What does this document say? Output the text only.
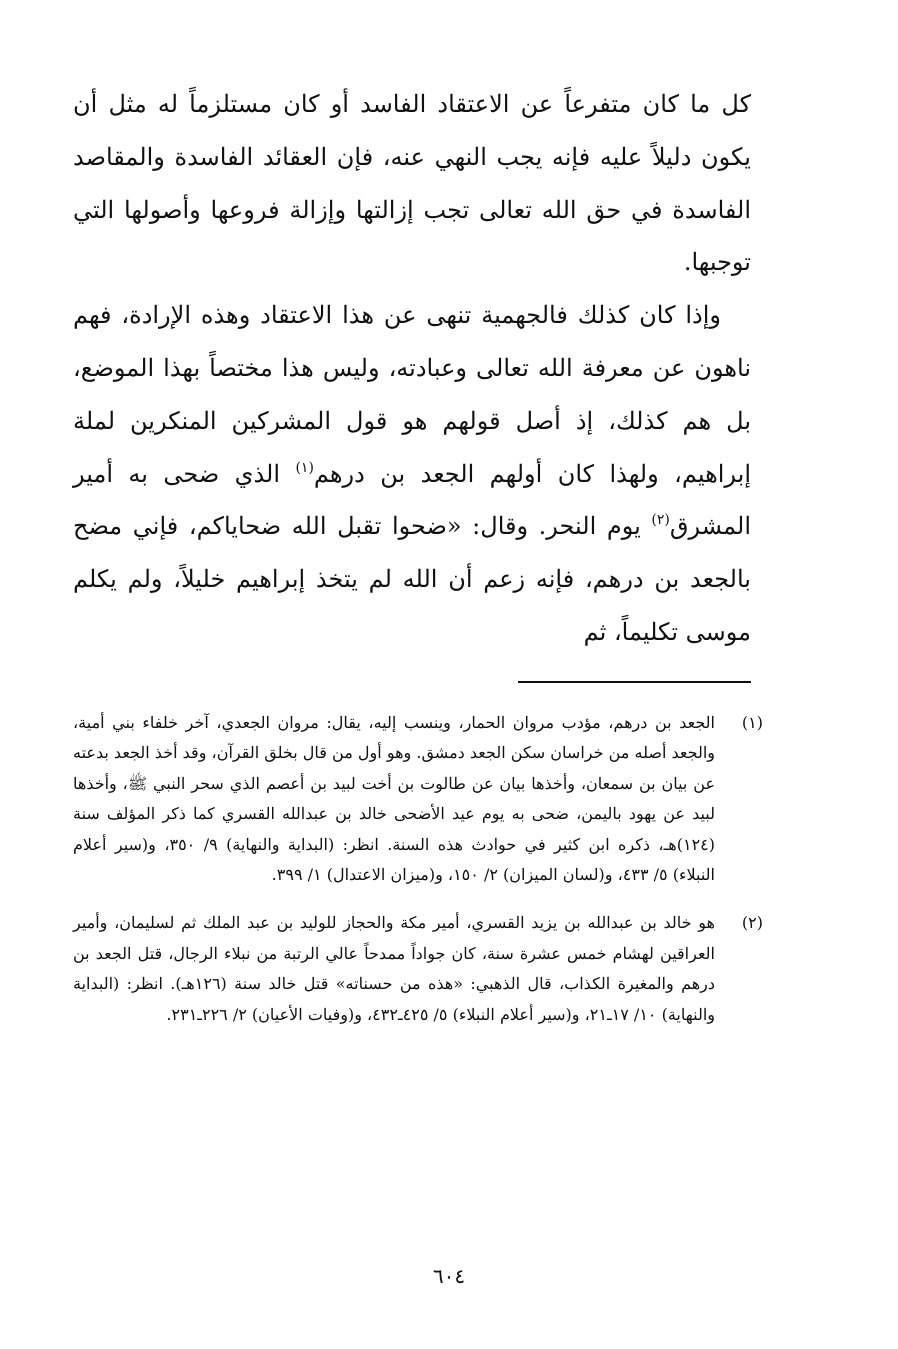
كل ما كان متفرعاً عن الاعتقاد الفاسد أو كان مستلزماً له مثل أن يكون دليلاً عليه فإنه يجب النهي عنه، فإن العقائد الفاسدة والمقاصد الفاسدة في حق الله تعالى تجب إزالتها وإزالة فروعها وأصولها التي توجبها.

وإذا كان كذلك فالجهمية تنهى عن هذا الاعتقاد وهذه الإرادة، فهم ناهون عن معرفة الله تعالى وعبادته، وليس هذا مختصاً بهذا الموضع، بل هم كذلك، إذ أصل قولهم هو قول المشركين المنكرين لملة إبراهيم، ولهذا كان أولهم الجعد بن درهم$^{(١)}$ الذي ضحى به أمير المشرق$^{(٢)}$ يوم النحر. وقال: «ضحوا تقبل الله ضحاياكم، فإني مضح بالجعد بن درهم، فإنه زعم أن الله لم يتخذ إبراهيم خليلاً، ولم يكلم موسى تكليماً، ثم

(١)
الجعد بن درهم، مؤدب مروان الحمار، وينسب إليه، يقال: مروان الجعدي، آخر خلفاء بني أمية، والجعد أصله من خراسان سكن الجعد دمشق. وهو أول من قال بخلق القرآن، وقد أخذ الجعد بدعته عن بيان بن سمعان، وأخذها بيان عن طالوت بن أخت لبيد بن أعصم الذي سحر النبي ﷺ، وأخذها لبيد عن يهود باليمن، ضحى به يوم عيد الأضحى خالد بن عبدالله القسري كما ذكر المؤلف سنة (١٢٤)هـ، ذكره ابن كثير في حوادث هذه السنة. انظر: (البداية والنهاية) ٩/ ٣٥٠، و(سير أعلام النبلاء) ٥/ ٤٣٣، و(لسان الميزان) ٢/ ١٥٠، و(ميزان الاعتدال) ١/ ٣٩٩.
(٢)
هو خالد بن عبدالله بن يزيد القسري، أمير مكة والحجاز للوليد بن عبد الملك ثم لسليمان، وأمير العراقين لهشام خمس عشرة سنة، كان جواداً ممدحاً عالي الرتبة من نبلاء الرجال، قتل الجعد بن درهم والمغيرة الكذاب، قال الذهبي: «هذه من حسناته» قتل خالد سنة (١٢٦هـ). انظر: (البداية والنهاية) ١٠/ ١٧ـ٢١، و(سير أعلام النبلاء) ٥/ ٤٢٥ـ٤٣٢، و(وفيات الأعيان) ٢/ ٢٢٦ـ٢٣١.
٦٠٤
